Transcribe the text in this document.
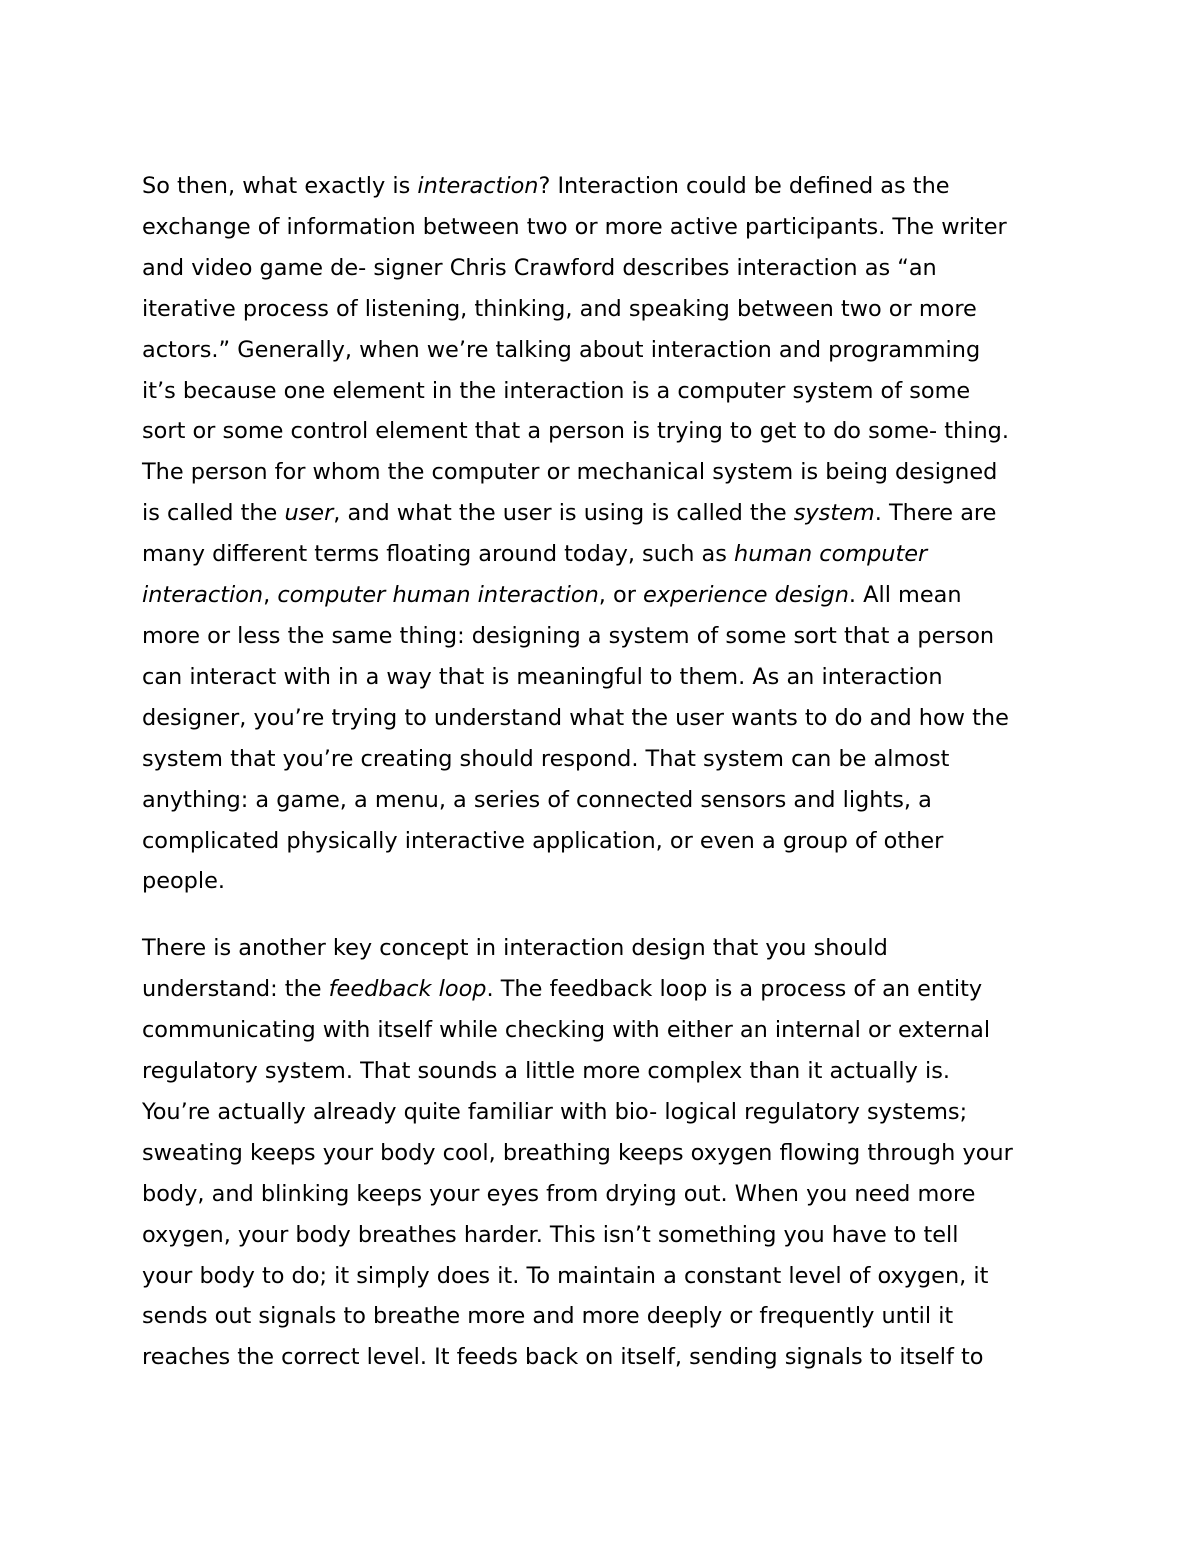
So then, what exactly is interaction? Interaction could be defined as the
exchange of information between two or more active participants. The writer
and video game de- signer Chris Crawford describes interaction as “an
iterative process of listening, thinking, and speaking between two or more
actors.” Generally, when we’re talking about interaction and programming
it’s because one element in the interaction is a computer system of some
sort or some control element that a person is trying to get to do some- thing.
The person for whom the computer or mechanical system is being designed
is called the user, and what the user is using is called the system. There are
many different terms floating around today, such as human computer
interaction, computer human interaction, or experience design. All mean
more or less the same thing: designing a system of some sort that a person
can interact with in a way that is meaningful to them. As an interaction
designer, you’re trying to understand what the user wants to do and how the
system that you’re creating should respond. That system can be almost
anything: a game, a menu, a series of connected sensors and lights, a
complicated physically interactive application, or even a group of other
people.

There is another key concept in interaction design that you should
understand: the feedback loop. The feedback loop is a process of an entity
communicating with itself while checking with either an internal or external
regulatory system. That sounds a little more complex than it actually is.
You’re actually already quite familiar with bio- logical regulatory systems;
sweating keeps your body cool, breathing keeps oxygen flowing through your
body, and blinking keeps your eyes from drying out. When you need more
oxygen, your body breathes harder. This isn’t something you have to tell
your body to do; it simply does it. To maintain a constant level of oxygen, it
sends out signals to breathe more and more deeply or frequently until it
reaches the correct level. It feeds back on itself, sending signals to itself to
